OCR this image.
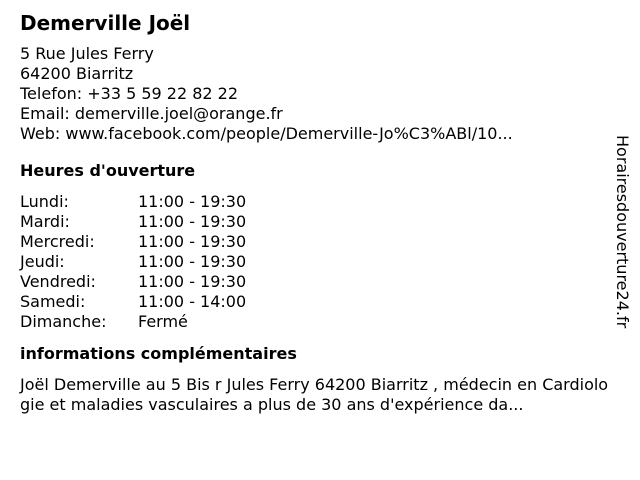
Demerville Joël
5 Rue Jules Ferry
64200 Biarritz
Telefon: +33 5 59 22 82 22
Email: demerville.joel@orange.fr
Web: www.facebook.com/people/Demerville-Jo%C3%ABl/10...
Heures d'ouverture
Lundi:	11:00 - 19:30
Mardi:	11:00 - 19:30
Mercredi:	11:00 - 19:30
Jeudi:	11:00 - 19:30
Vendredi:	11:00 - 19:30
Samedi:	11:00 - 14:00
Dimanche:	Fermé
informations complémentaires
Joël Demerville au 5 Bis r Jules Ferry 64200 Biarritz , médecin en Cardiologie et maladies vasculaires a plus de 30 ans d'expérience da...
Horairesdouverture24.fr
